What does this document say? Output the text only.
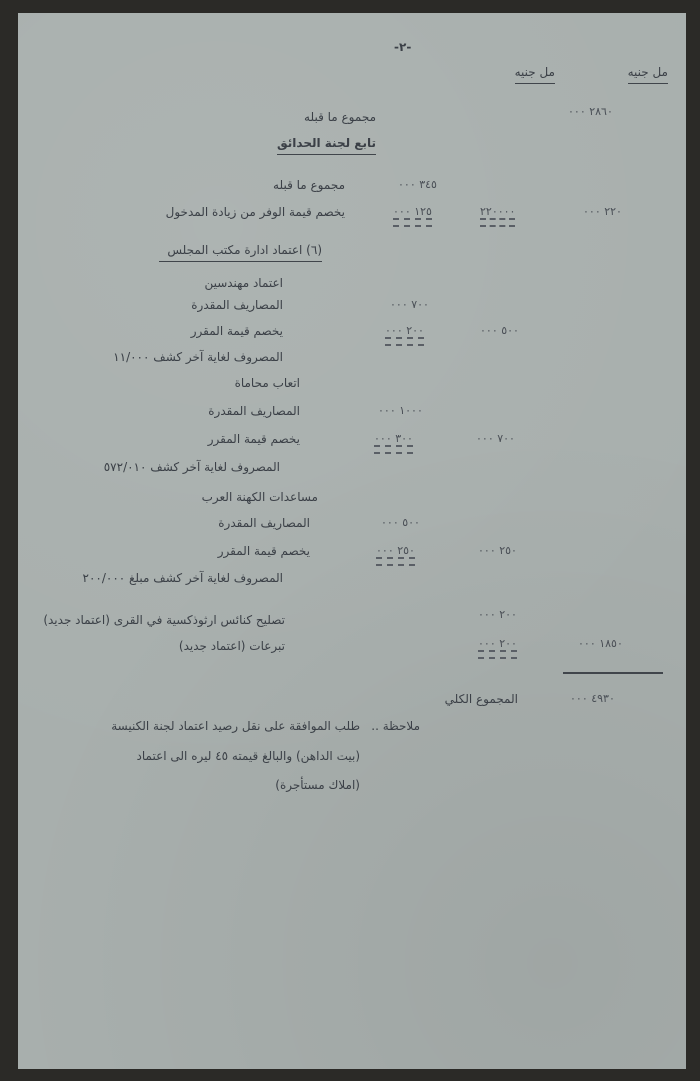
-٢-
مل جنيه
مل جنيه
٢٨٦٠ ٠٠٠
مجموع ما قبله
تابع لجنة الحدائق
مجموع ما قبله	٣٤٥ ٠٠٠
يخصم قيمة الوفر من زيادة المدخول	١٢٥ ٠٠٠	٢٢٠٠٠٠	٢٢٠ ٠٠٠
(٦) اعتماد ادارة مكتب المجلس
اعتماد مهندسين
المصاريف المقدرة	٧٠٠ ٠٠٠
يخصم قيمة المقرر	٢٠٠ ٠٠٠	٥٠٠ ٠٠٠
المصروف لغاية آخر كشف ١١/٠٠٠
اتعاب محاماة
المصاريف المقدرة	١٠٠٠ ٠٠٠
يخصم قيمة المقرر	٣٠٠ ٠٠٠	٧٠٠ ٠٠٠
المصروف لغاية آخر كشف ٥٧٢/٠١٠
مساعدات الكهنة العرب
المصاريف المقدرة	٥٠٠ ٠٠٠
يخصم قيمة المقرر	٢٥٠ ٠٠٠	٢٥٠ ٠٠٠
المصروف لغاية آخر كشف مبلغ ٢٠٠/٠٠٠
تصليح كنائس ارثوذكسية في القرى (اعتماد جديد)	٢٠٠ ٠٠٠
تبرعات (اعتماد جديد)	٢٠٠ ٠٠٠	١٨٥٠ ٠٠٠
المجموع الكلي	٤٩٣٠ ٠٠٠
ملاحظة ..
طلب الموافقة على نقل رصيد اعتماد لجنة الكنيسة
(بيت الداهن) والبالغ قيمته ٤٥ ليره الى اعتماد
(املاك مستأجرة)
